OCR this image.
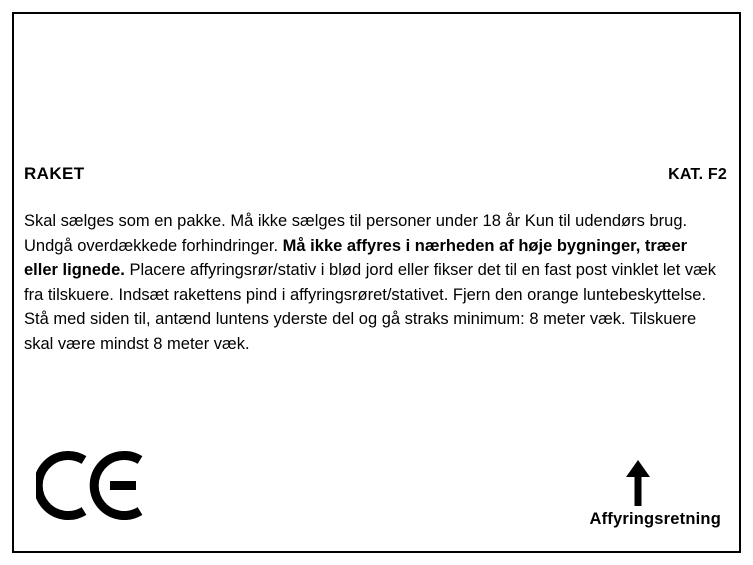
RAKET	KAT. F2
Skal sælges som en pakke. Må ikke sælges til personer under 18 år Kun til udendørs brug. Undgå overdækkede forhindringer. Må ikke affyres i nærheden af høje bygninger, træer eller lignede. Placere affyringsrør/stativ i blød jord eller fikser det til en fast post vinklet let væk fra tilskuere. Indsæt rakettens pind i affyringsrøret/stativet. Fjern den orange luntebeskyttelse. Stå med siden til, antænd luntens yderste del og gå straks minimum: 8 meter væk. Tilskuere skal være mindst 8 meter væk.
Affyringsretning
